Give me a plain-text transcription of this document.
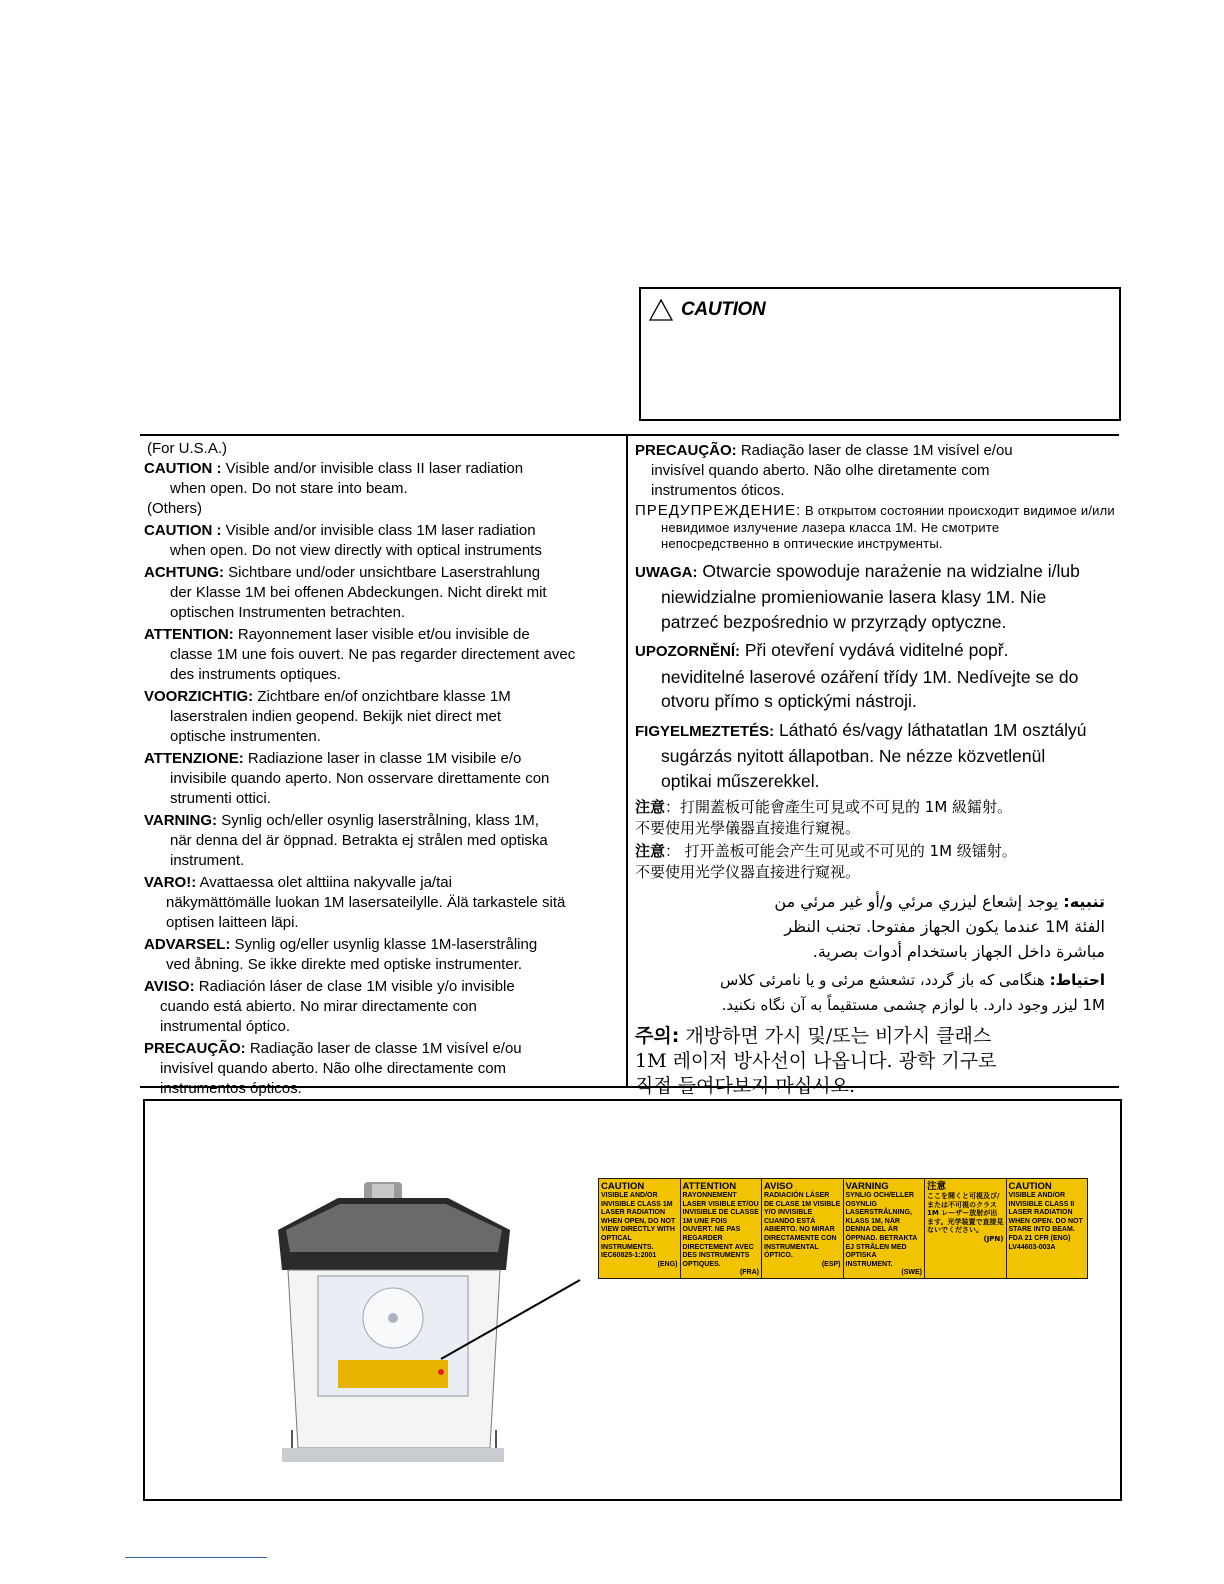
CAUTION
(For U.S.A.)
CAUTION : Visible and/or invisible class II laser radiation
when open. Do not stare into beam.
(Others)
CAUTION : Visible and/or invisible class 1M laser radiation
when open. Do not view directly with optical instruments
ACHTUNG: Sichtbare und/oder unsichtbare Laserstrahlung
der Klasse 1M bei offenen Abdeckungen. Nicht direkt mit optischen Instrumenten betrachten.
ATTENTION: Rayonnement laser visible et/ou invisible de
classe 1M une fois ouvert. Ne pas regarder directement avec des instruments optiques.
VOORZICHTIG: Zichtbare en/of onzichtbare klasse 1M
laserstralen indien geopend. Bekijk niet direct met optische instrumenten.
ATTENZIONE: Radiazione laser in classe 1M visibile e/o
invisibile quando aperto. Non osservare direttamente con strumenti ottici.
VARNING: Synlig och/eller osynlig laserstrålning, klass 1M,
när denna del är öppnad. Betrakta ej strålen med optiska instrument.
VARO!: Avattaessa olet alttiina nakyvalle ja/tai
näkymättömälle luokan 1M lasersateilylle. Älä tarkastele sitä optisen laitteen läpi.
ADVARSEL: Synlig og/eller usynlig klasse 1M-laserstråling
ved åbning. Se ikke direkte med optiske instrumenter.
AVISO: Radiación láser de clase 1M visible y/o invisible
cuando está abierto. No mirar directamente con instrumental óptico.
PRECAUÇÃO: Radiação laser de classe 1M visível e/ou
invisível quando aberto. Não olhe directamente com instrumentos ópticos.
PRECAUÇÃO: Radiação laser de classe 1M visível e/ou
invisível quando aberto. Não olhe diretamente com instrumentos óticos.
ПРЕДУПРЕЖДЕНИЕ: В открытом состоянии происходит видимое и/или
невидимое излучение лазера класса 1M. Не смотрите непосредственно в оптические инструменты.
UWAGA: Otwarcie spowoduje narażenie na widzialne i/lub
niewidzialne promieniowanie lasera klasy 1M. Nie patrzeć bezpośrednio w przyrządy optyczne.
UPOZORNĚNÍ: Při otevření vydává viditelné popř.
neviditelné laserové ozáření třídy 1M. Nedívejte se do otvoru přímo s optickými nástroji.
FIGYELMEZTETÉS: Látható és/vagy láthatatlan 1M osztályú
sugárzás nyitott állapotban. Ne nézze közvetlenül optikai műszerekkel.
注意：打開蓋板可能會產生可見或不可見的 1M 級鐳射。
不要使用光學儀器直接進行窺視。
注意： 打开盖板可能会产生可见或不可见的 1M 级镭射。
不要使用光学仪器直接进行窥视。
تنبيه: يوجد إشعاع ليزري مرئي و/أو غير مرئي من
الفئة 1M عندما يكون الجهاز مفتوحا. تجنب النظر
مباشرة داخل الجهاز باستخدام أدوات بصرية.
احتياط: هنگامی که باز گردد، تشعشع مرئی و یا نامرئی کلاس
1M لیزر وجود دارد. با لوازم چشمی مستقیماً به آن نگاه نکنید.
주의: 개방하면 가시 및/또는 비가시 클래스
1M 레이저 방사선이 나옵니다. 광학 기구로
직접 들여다보지 마십시오.
CAUTION
VISIBLE AND/OR INVISIBLE CLASS 1M LASER RADIATION WHEN OPEN, DO NOT VIEW DIRECTLY WITH OPTICAL INSTRUMENTS. IEC60825-1:2001
(ENG)
ATTENTION
RAYONNEMENT LASER VISIBLE ET/OU INVISIBLE DE CLASSE 1M UNE FOIS OUVERT. NE PAS REGARDER DIRECTEMENT AVEC DES INSTRUMENTS OPTIQUES.
(FRA)
AVISO
RADIACIÓN LÁSER DE CLASE 1M VISIBLE Y/O INVISIBLE CUANDO ESTÁ ABIERTO. NO MIRAR DIRECTAMENTE CON INSTRUMENTAL ÓPTICO.
(ESP)
VARNING
SYNLIG OCH/ELLER OSYNLIG LASERSTRÅLNING, KLASS 1M, NÄR DENNA DEL ÄR ÖPPNAD. BETRAKTA EJ STRÅLEN MED OPTISKA INSTRUMENT.
(SWE)
注意
ここを開くと可視及び/または不可視のクラス1M レーザー放射が出ます。光学装置で直接見ないでください。
(JPN)
CAUTION
VISIBLE AND/OR INVISIBLE CLASS II LASER RADIATION WHEN OPEN. DO NOT STARE INTO BEAM. FDA 21 CFR (ENG) LV44603-003A
